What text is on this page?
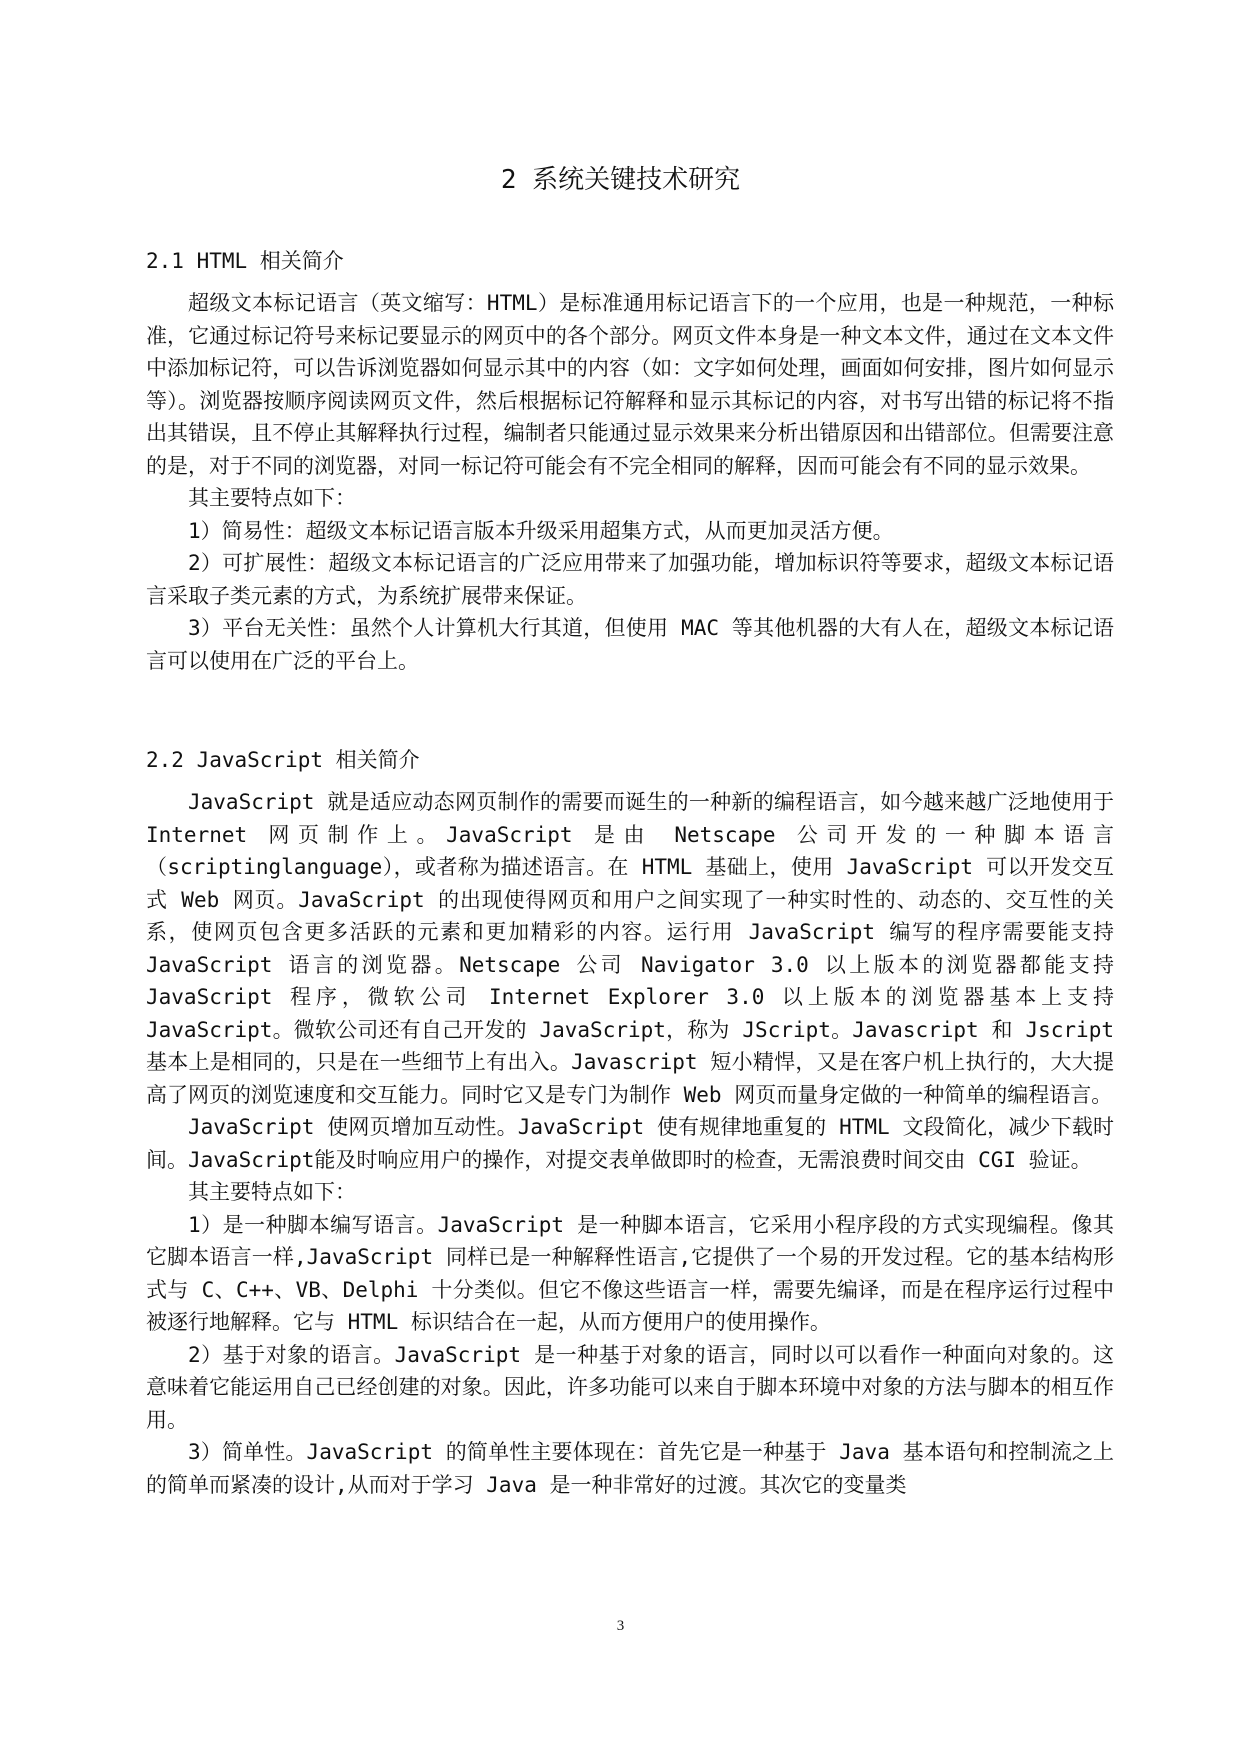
2 系统关键技术研究
2.1 HTML 相关简介

超级文本标记语言（英文缩写：HTML）是标准通用标记语言下的一个应用，也是一种规范，一种标准，它通过标记符号来标记要显示的网页中的各个部分。网页文件本身是一种文本文件，通过在文本文件中添加标记符，可以告诉浏览器如何显示其中的内容（如：文字如何处理，画面如何安排，图片如何显示等）。浏览器按顺序阅读网页文件，然后根据标记符解释和显示其标记的内容，对书写出错的标记将不指出其错误，且不停止其解释执行过程，编制者只能通过显示效果来分析出错原因和出错部位。但需要注意的是，对于不同的浏览器，对同一标记符可能会有不完全相同的解释，因而可能会有不同的显示效果。

其主要特点如下：

1）简易性：超级文本标记语言版本升级采用超集方式，从而更加灵活方便。

2）可扩展性：超级文本标记语言的广泛应用带来了加强功能，增加标识符等要求，超级文本标记语言采取子类元素的方式，为系统扩展带来保证。

3）平台无关性：虽然个人计算机大行其道，但使用 MAC 等其他机器的大有人在，超级文本标记语言可以使用在广泛的平台上。

2.2 JavaScript 相关简介

JavaScript 就是适应动态网页制作的需要而诞生的一种新的编程语言，如今越来越广泛地使用于 Internet 网页制作上。JavaScript 是由 Netscape 公司开发的一种脚本语言（scriptinglanguage），或者称为描述语言。在 HTML 基础上，使用 JavaScript 可以开发交互式 Web 网页。JavaScript 的出现使得网页和用户之间实现了一种实时性的、动态的、交互性的关系，使网页包含更多活跃的元素和更加精彩的内容。运行用 JavaScript 编写的程序需要能支持 JavaScript 语言的浏览器。Netscape 公司 Navigator 3.0 以上版本的浏览器都能支持 JavaScript 程序，微软公司 Internet Explorer 3.0 以上版本的浏览器基本上支持 JavaScript。微软公司还有自己开发的 JavaScript，称为 JScript。Javascript 和 Jscript 基本上是相同的，只是在一些细节上有出入。Javascript 短小精悍，又是在客户机上执行的，大大提高了网页的浏览速度和交互能力。同时它又是专门为制作 Web 网页而量身定做的一种简单的编程语言。

JavaScript 使网页增加互动性。JavaScript 使有规律地重复的 HTML 文段简化，减少下载时间。JavaScript能及时响应用户的操作，对提交表单做即时的检查，无需浪费时间交由 CGI 验证。

其主要特点如下：

1）是一种脚本编写语言。JavaScript 是一种脚本语言，它采用小程序段的方式实现编程。像其它脚本语言一样,JavaScript 同样已是一种解释性语言,它提供了一个易的开发过程。它的基本结构形式与 C、C++、VB、Delphi 十分类似。但它不像这些语言一样，需要先编译，而是在程序运行过程中被逐行地解释。它与 HTML 标识结合在一起，从而方便用户的使用操作。

2）基于对象的语言。JavaScript 是一种基于对象的语言，同时以可以看作一种面向对象的。这意味着它能运用自己已经创建的对象。因此，许多功能可以来自于脚本环境中对象的方法与脚本的相互作用。

3）简单性。JavaScript 的简单性主要体现在：首先它是一种基于 Java 基本语句和控制流之上的简单而紧凑的设计,从而对于学习 Java 是一种非常好的过渡。其次它的变量类

3
